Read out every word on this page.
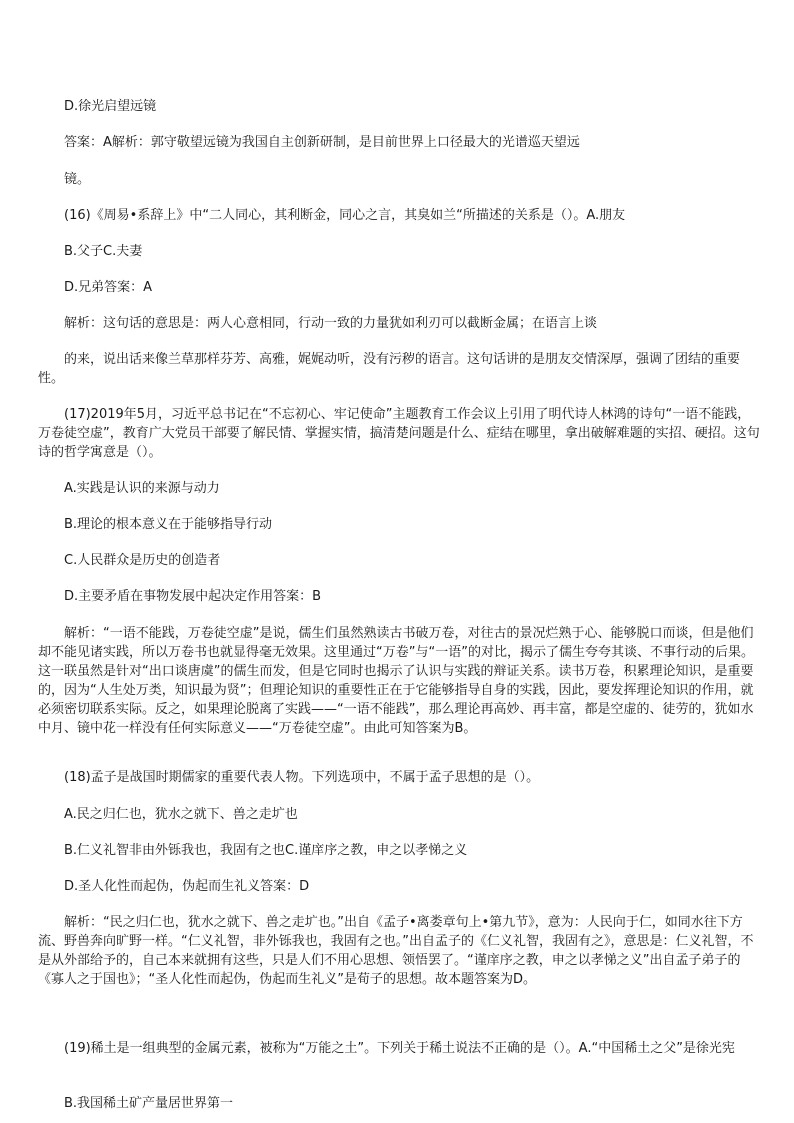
D.徐光启望远镜

答案：A解析：郭守敬望远镜为我国自主创新研制，是目前世界上口径最大的光谱巡天望远

镜。

(16)《周易•系辞上》中“二人同心，其利断金，同心之言，其臭如兰“所描述的关系是（）。A.朋友

B.父子C.夫妻

D.兄弟答案：A

解析：这句话的意思是：两人心意相同，行动一致的力量犹如利刃可以截断金属；在语言上谈

的来，说出话来像兰草那样芬芳、高雅，娓娓动听，没有污秽的语言。这句话讲的是朋友交情深厚，强调了团结的重要性。

(17)2019年5月，习近平总书记在“不忘初心、牢记使命”主题教育工作会议上引用了明代诗人林鸿的诗句“一语不能践，万卷徒空虚”，教育广大党员干部要了解民情、掌握实情，搞清楚问题是什么、症结在哪里，拿出破解难题的实招、硬招。这句诗的哲学寓意是（）。

A.实践是认识的来源与动力

B.理论的根本意义在于能够指导行动

C.人民群众是历史的创造者

D.主要矛盾在事物发展中起决定作用答案：B

解析：“一语不能践，万卷徒空虚”是说，儒生们虽然熟读古书破万卷，对往古的景况烂熟于心、能够脱口而谈，但是他们却不能见诸实践，所以万卷书也就显得毫无效果。这里通过“万卷”与“一语”的对比，揭示了儒生夸夸其谈、不事行动的后果。这一联虽然是针对“出口谈唐虞”的儒生而发，但是它同时也揭示了认识与实践的辩证关系。读书万卷，积累理论知识，是重要的，因为“人生处万类，知识最为贤”；但理论知识的重要性正在于它能够指导自身的实践，因此，要发挥理论知识的作用，就必须密切联系实际。反之，如果理论脱离了实践——“一语不能践”，那么理论再高妙、再丰富，都是空虚的、徒劳的，犹如水中月、镜中花一样没有任何实际意义——“万卷徒空虚”。由此可知答案为B。

(18)孟子是战国时期儒家的重要代表人物。下列选项中，不属于孟子思想的是（）。

A.民之归仁也，犹水之就下、兽之走圹也

B.仁义礼智非由外铄我也，我固有之也C.谨庠序之教，申之以孝悌之义

D.圣人化性而起伪，伪起而生礼义答案：D

解析：“民之归仁也，犹水之就下、兽之走圹也。”出自《孟子•离娄章句上•第九节》，意为：人民向于仁，如同水往下方流、野兽奔向旷野一样。“仁义礼智，非外铄我也，我固有之也。”出自孟子的《仁义礼智，我固有之》，意思是：仁义礼智，不是从外部给予的，自己本来就拥有这些，只是人们不用心思想、领悟罢了。“谨庠序之教，申之以孝悌之义”出自孟子弟子的《寡人之于国也》；“圣人化性而起伪，伪起而生礼义”是荀子的思想。故本题答案为D。

(19)稀土是一组典型的金属元素，被称为“万能之土”。下列关于稀土说法不正确的是（）。A.“中国稀土之父”是徐光宪

B.我国稀土矿产量居世界第一
